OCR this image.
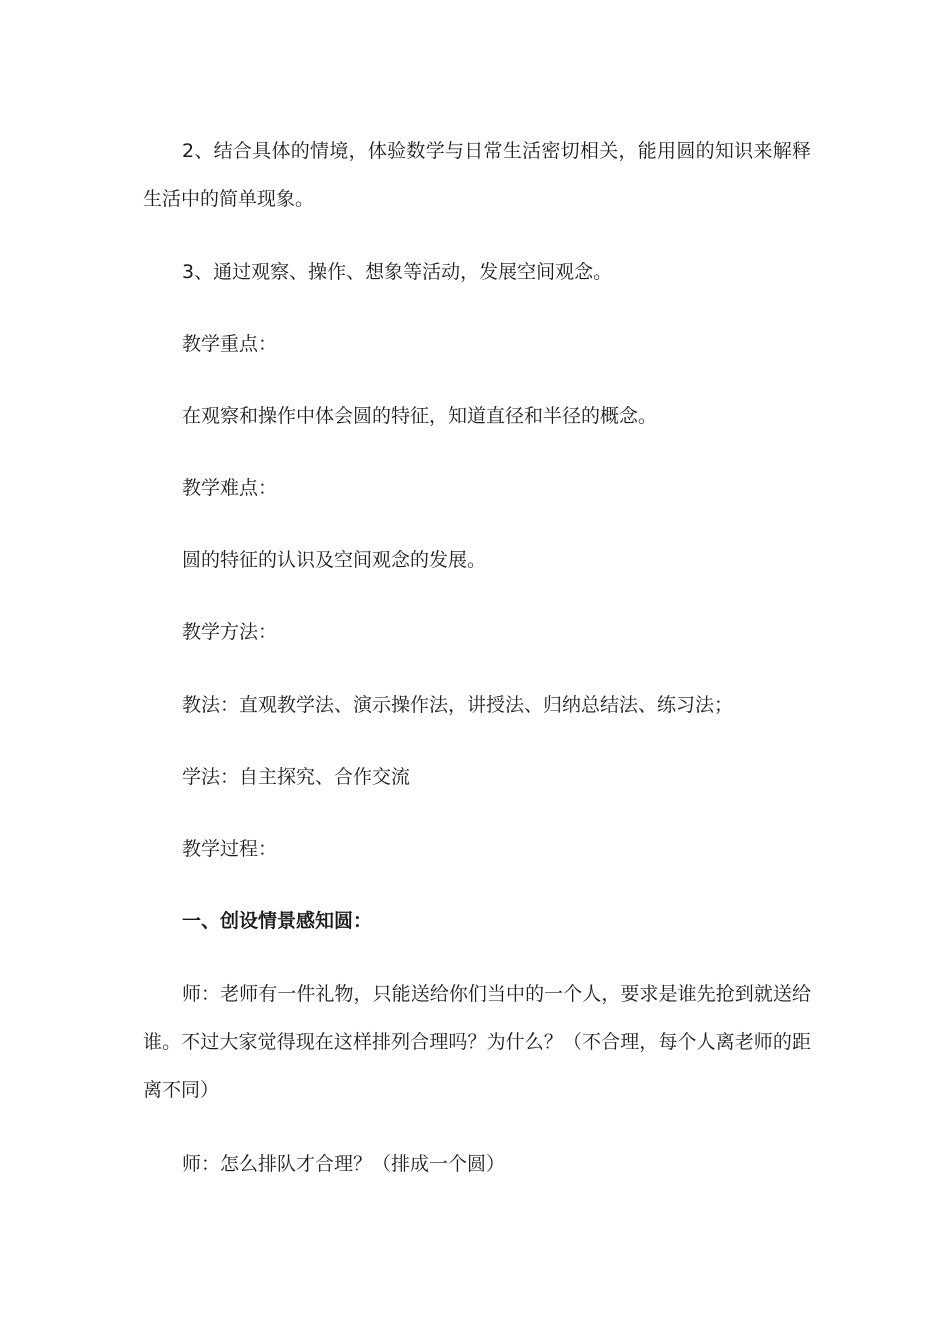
2、结合具体的情境，体验数学与日常生活密切相关，能用圆的知识来解释生活中的简单现象。

3、通过观察、操作、想象等活动，发展空间观念。

教学重点：

在观察和操作中体会圆的特征，知道直径和半径的概念。

教学难点：

圆的特征的认识及空间观念的发展。

教学方法：

教法：直观教学法、演示操作法，讲授法、归纳总结法、练习法；

学法：自主探究、合作交流

教学过程：

一、创设情景感知圆：

师：老师有一件礼物，只能送给你们当中的一个人，要求是谁先抢到就送给谁。不过大家觉得现在这样排列合理吗？为什么？（不合理，每个人离老师的距离不同）

师：怎么排队才合理？（排成一个圆）
